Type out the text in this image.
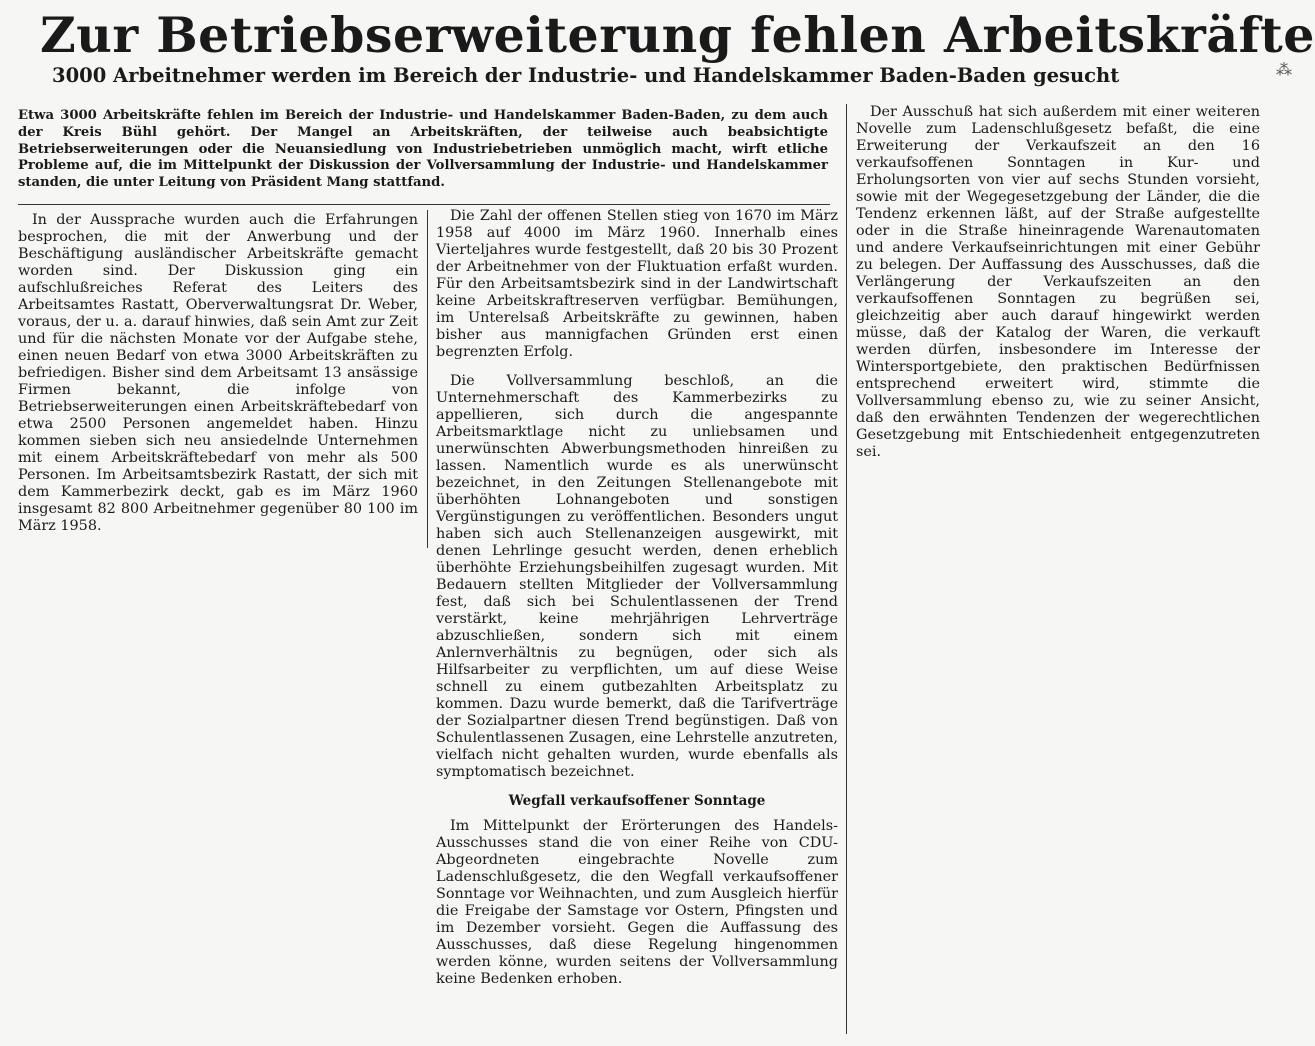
Zur Betriebserweiterung fehlen Arbeitskräfte
3000 Arbeitnehmer werden im Bereich der Industrie- und Handelskammer Baden-Baden gesucht	⁂

Etwa 3000 Arbeitskräfte fehlen im Bereich der Industrie- und Handelskammer Baden-Baden, zu dem auch der Kreis Bühl gehört. Der Mangel an Arbeitskräften, der teilweise auch beabsichtigte Betriebserweiterungen oder die Neuansiedlung von Industriebetrieben unmöglich macht, wirft etliche Probleme auf, die im Mittelpunkt der Diskussion der Vollversammlung der Industrie- und Handelskammer standen, die unter Leitung von Präsident Mang stattfand.

In der Aussprache wurden auch die Erfahrungen besprochen, die mit der Anwerbung und der Beschäftigung ausländischer Arbeitskräfte gemacht worden sind. Der Diskussion ging ein aufschlußreiches Referat des Leiters des Arbeitsamtes Rastatt, Oberverwaltungsrat Dr. Weber, voraus, der u. a. darauf hinwies, daß sein Amt zur Zeit und für die nächsten Monate vor der Aufgabe stehe, einen neuen Bedarf von etwa 3000 Arbeitskräften zu befriedigen. Bisher sind dem Arbeitsamt 13 ansässige Firmen bekannt, die infolge von Betriebserweiterungen einen Arbeitskräftebedarf von etwa 2500 Personen angemeldet haben. Hinzu kommen sieben sich neu ansiedelnde Unternehmen mit einem Arbeitskräftebedarf von mehr als 500 Personen. Im Arbeitsamtsbezirk Rastatt, der sich mit dem Kammerbezirk deckt, gab es im März 1960 insgesamt 82 800 Arbeitnehmer gegenüber 80 100 im März 1958.

Die Zahl der offenen Stellen stieg von 1670 im März 1958 auf 4000 im März 1960. Innerhalb eines Vierteljahres wurde festgestellt, daß 20 bis 30 Prozent der Arbeitnehmer von der Fluktuation erfaßt wurden. Für den Arbeitsamtsbezirk sind in der Landwirtschaft keine Arbeitskraftreserven verfügbar. Bemühungen, im Unterelsaß Arbeitskräfte zu gewinnen, haben bisher aus mannigfachen Gründen erst einen begrenzten Erfolg.

Die Vollversammlung beschloß, an die Unternehmerschaft des Kammerbezirks zu appellieren, sich durch die angespannte Arbeitsmarktlage nicht zu unliebsamen und unerwünschten Abwerbungsmethoden hinreißen zu lassen. Namentlich wurde es als unerwünscht bezeichnet, in den Zeitungen Stellenangebote mit überhöhten Lohnangeboten und sonstigen Vergünstigungen zu veröffentlichen. Besonders ungut haben sich auch Stellenanzeigen ausgewirkt, mit denen Lehrlinge gesucht werden, denen erheblich überhöhte Erziehungsbeihilfen zugesagt wurden. Mit Bedauern stellten Mitglieder der Vollversammlung fest, daß sich bei Schulentlassenen der Trend verstärkt, keine mehrjährigen Lehrverträge abzuschließen, sondern sich mit einem Anlernverhältnis zu begnügen, oder sich als Hilfsarbeiter zu verpflichten, um auf diese Weise schnell zu einem gutbezahlten Arbeitsplatz zu kommen. Dazu wurde bemerkt, daß die Tarifverträge der Sozialpartner diesen Trend begünstigen. Daß von Schulentlassenen Zusagen, eine Lehrstelle anzutreten, vielfach nicht gehalten wurden, wurde ebenfalls als symptomatisch bezeichnet.

Wegfall verkaufsoffener Sonntage

Im Mittelpunkt der Erörterungen des Handels-Ausschusses stand die von einer Reihe von CDU-Abgeordneten eingebrachte Novelle zum Ladenschlußgesetz, die den Wegfall verkaufsoffener Sonntage vor Weihnachten, und zum Ausgleich hierfür die Freigabe der Samstage vor Ostern, Pfingsten und im Dezember vorsieht. Gegen die Auffassung des Ausschusses, daß diese Regelung hingenommen werden könne, wurden seitens der Vollversammlung keine Bedenken erhoben.

Der Ausschuß hat sich außerdem mit einer weiteren Novelle zum Ladenschlußgesetz befaßt, die eine Erweiterung der Verkaufszeit an den 16 verkaufsoffenen Sonntagen in Kur- und Erholungsorten von vier auf sechs Stunden vorsieht, sowie mit der Wegegesetzgebung der Länder, die die Tendenz erkennen läßt, auf der Straße aufgestellte oder in die Straße hineinragende Warenautomaten und andere Verkaufseinrichtungen mit einer Gebühr zu belegen. Der Auffassung des Ausschusses, daß die Verlängerung der Verkaufszeiten an den verkaufsoffenen Sonntagen zu begrüßen sei, gleichzeitig aber auch darauf hingewirkt werden müsse, daß der Katalog der Waren, die verkauft werden dürfen, insbesondere im Interesse der Wintersportgebiete, den praktischen Bedürfnissen entsprechend erweitert wird, stimmte die Vollversammlung ebenso zu, wie zu seiner Ansicht, daß den erwähnten Tendenzen der wegerechtlichen Gesetzgebung mit Entschiedenheit entgegenzutreten sei.
